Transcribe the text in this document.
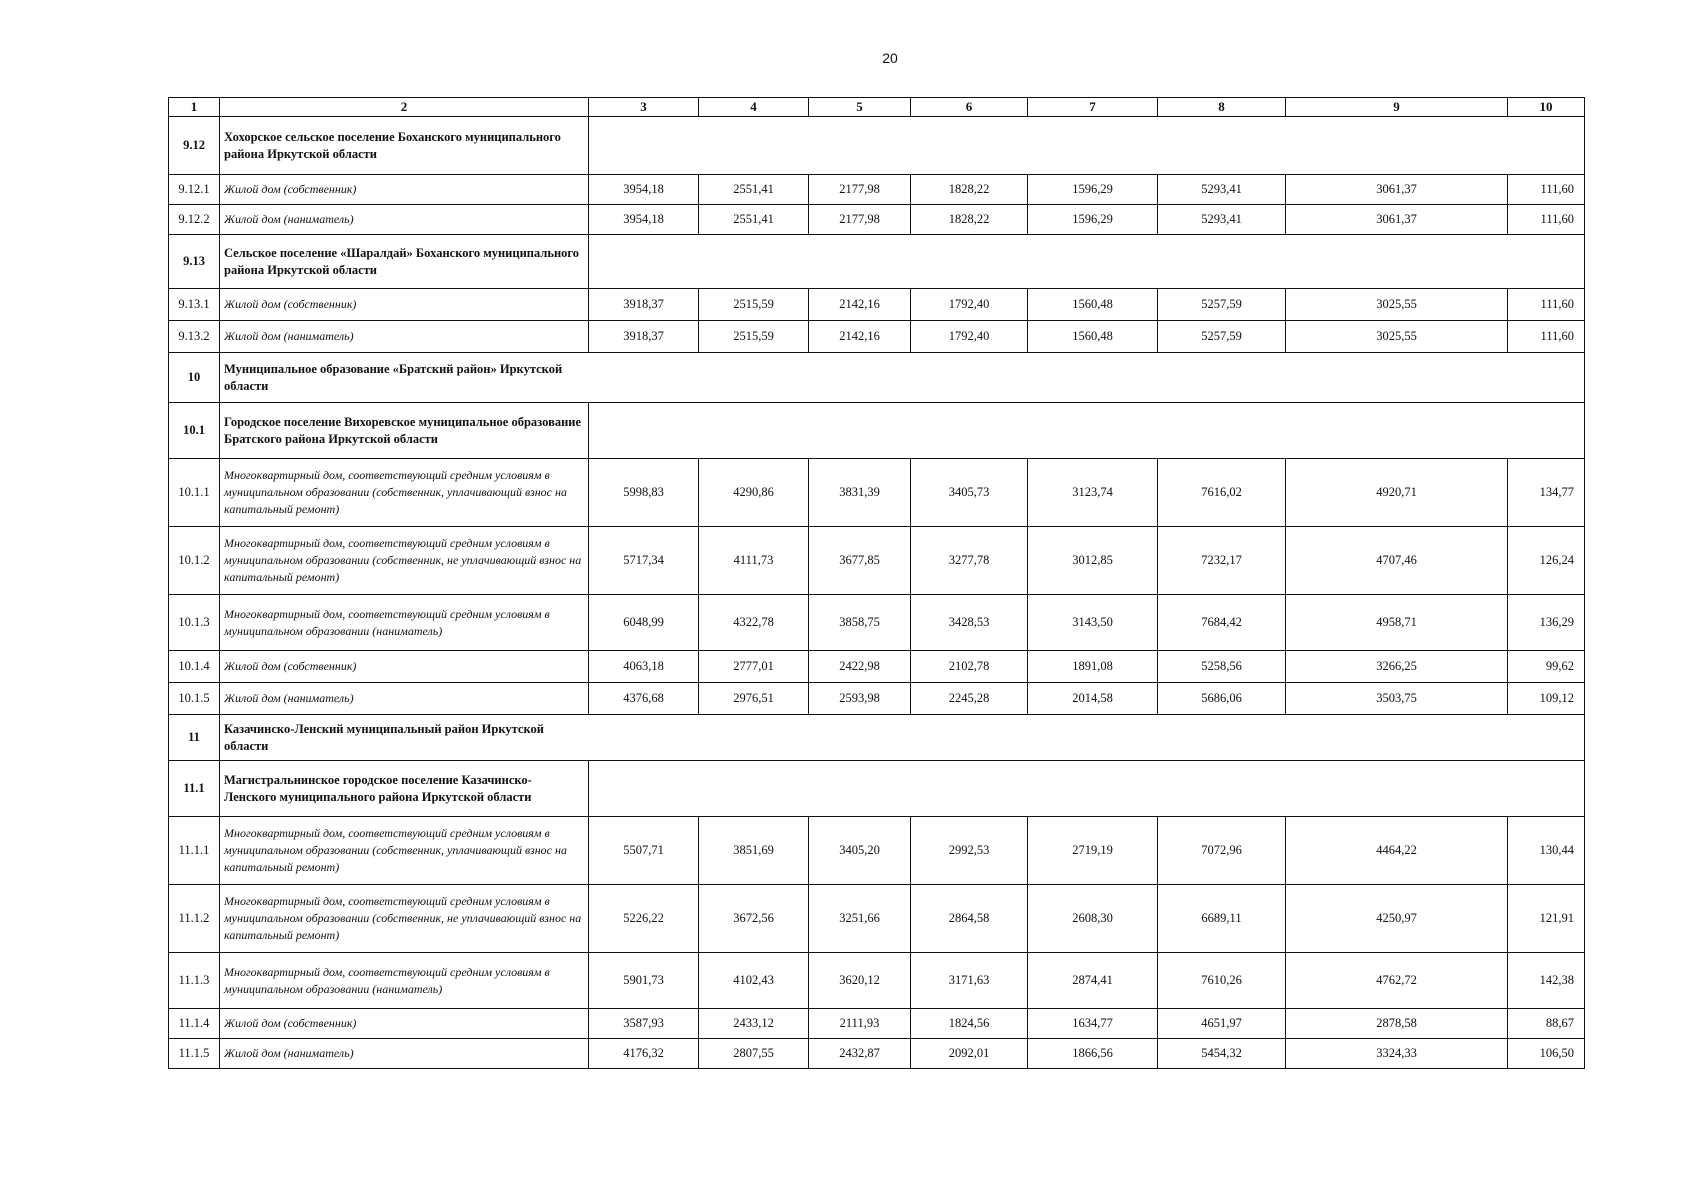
20
1	2	3	4	5	6	7	8	9	10
9.12	Хохорское сельское поселение Боханского муниципального района Иркутской области								
9.12.1	Жилой дом (собственник)	3954,18	2551,41	2177,98	1828,22	1596,29	5293,41	3061,37	111,60
9.12.2	Жилой дом (наниматель)	3954,18	2551,41	2177,98	1828,22	1596,29	5293,41	3061,37	111,60
9.13	Сельское поселение «Шаралдай» Боханского муниципального района Иркутской области								
9.13.1	Жилой дом (собственник)	3918,37	2515,59	2142,16	1792,40	1560,48	5257,59	3025,55	111,60
9.13.2	Жилой дом (наниматель)	3918,37	2515,59	2142,16	1792,40	1560,48	5257,59	3025,55	111,60
10	Муниципальное образование «Братский район» Иркутской области								
10.1	Городское поселение Вихоревское муниципальное образование Братского района Иркутской области								
10.1.1	Многоквартирный дом, соответствующий средним условиям в муниципальном образовании (собственник, уплачивающий взнос на капитальный ремонт)	5998,83	4290,86	3831,39	3405,73	3123,74	7616,02	4920,71	134,77
10.1.2	Многоквартирный дом, соответствующий средним условиям в муниципальном образовании (собственник, не уплачивающий взнос на капитальный ремонт)	5717,34	4111,73	3677,85	3277,78	3012,85	7232,17	4707,46	126,24
10.1.3	Многоквартирный дом, соответствующий средним условиям в муниципальном образовании (наниматель)	6048,99	4322,78	3858,75	3428,53	3143,50	7684,42	4958,71	136,29
10.1.4	Жилой дом (собственник)	4063,18	2777,01	2422,98	2102,78	1891,08	5258,56	3266,25	99,62
10.1.5	Жилой дом (наниматель)	4376,68	2976,51	2593,98	2245,28	2014,58	5686,06	3503,75	109,12
11	Казачинско-Ленский муниципальный район Иркутской области								
11.1	Магистральнинское городское поселение Казачинско-Ленского муниципального района Иркутской области								
11.1.1	Многоквартирный дом, соответствующий средним условиям в муниципальном образовании (собственник, уплачивающий взнос на капитальный ремонт)	5507,71	3851,69	3405,20	2992,53	2719,19	7072,96	4464,22	130,44
11.1.2	Многоквартирный дом, соответствующий средним условиям в муниципальном образовании (собственник, не уплачивающий взнос на капитальный ремонт)	5226,22	3672,56	3251,66	2864,58	2608,30	6689,11	4250,97	121,91
11.1.3	Многоквартирный дом, соответствующий средним условиям в муниципальном образовании (наниматель)	5901,73	4102,43	3620,12	3171,63	2874,41	7610,26	4762,72	142,38
11.1.4	Жилой дом (собственник)	3587,93	2433,12	2111,93	1824,56	1634,77	4651,97	2878,58	88,67
11.1.5	Жилой дом (наниматель)	4176,32	2807,55	2432,87	2092,01	1866,56	5454,32	3324,33	106,50
